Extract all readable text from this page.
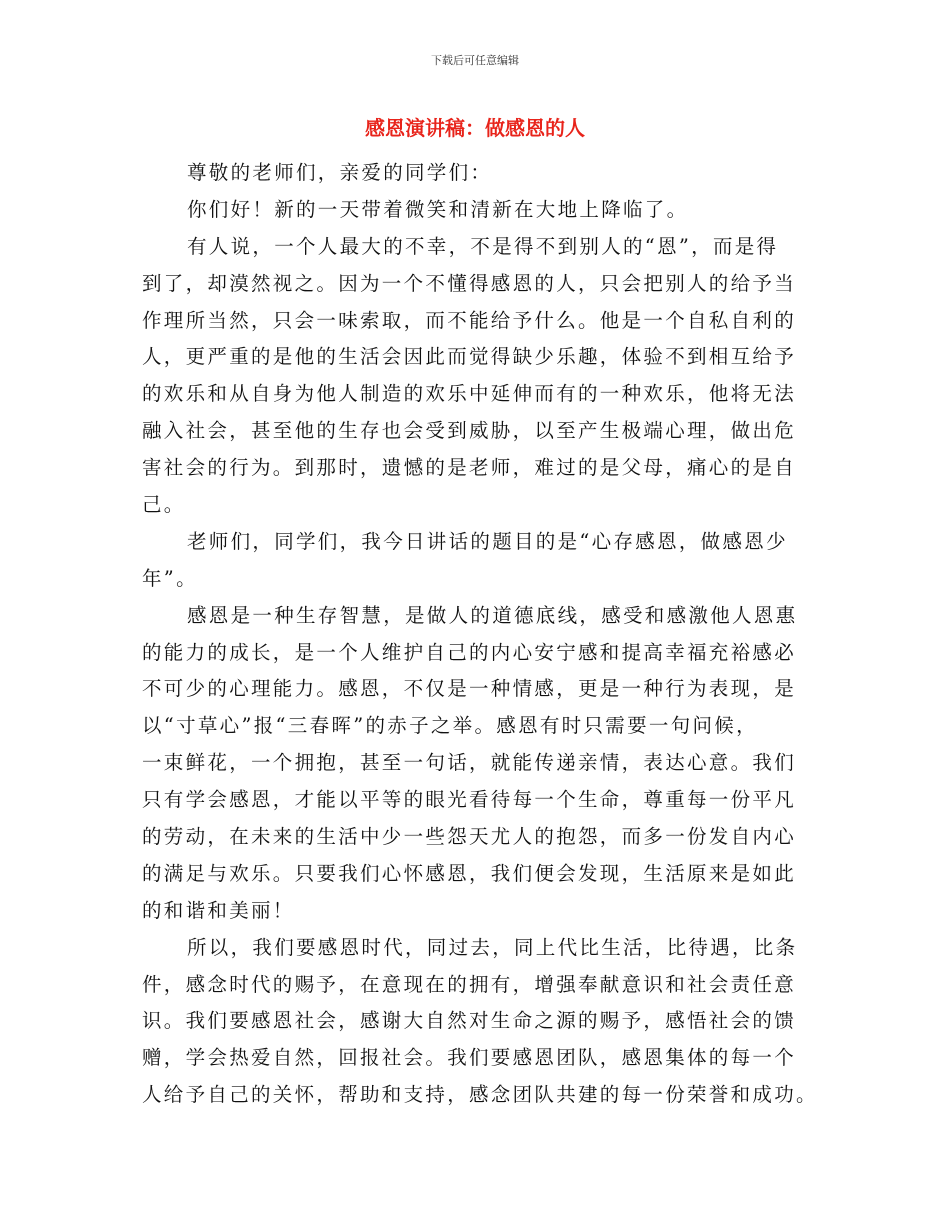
下载后可任意编辑
感恩演讲稿：做感恩的人
尊敬的老师们，亲爱的同学们：
你们好！新的一天带着微笑和清新在大地上降临了。
有人说，一个人最大的不幸，不是得不到别人的“恩”，而是得
到了，却漠然视之。因为一个不懂得感恩的人，只会把别人的给予当
作理所当然，只会一味索取，而不能给予什么。他是一个自私自利的
人，更严重的是他的生活会因此而觉得缺少乐趣，体验不到相互给予
的欢乐和从自身为他人制造的欢乐中延伸而有的一种欢乐，他将无法
融入社会，甚至他的生存也会受到威胁，以至产生极端心理，做出危
害社会的行为。到那时，遗憾的是老师，难过的是父母，痛心的是自
己。
老师们，同学们，我今日讲话的题目的是“心存感恩，做感恩少
年”。
感恩是一种生存智慧，是做人的道德底线，感受和感激他人恩惠
的能力的成长，是一个人维护自己的内心安宁感和提高幸福充裕感必
不可少的心理能力。感恩，不仅是一种情感，更是一种行为表现，是
以“寸草心”报“三春晖”的赤子之举。感恩有时只需要一句问候，
一束鲜花，一个拥抱，甚至一句话，就能传递亲情，表达心意。我们
只有学会感恩，才能以平等的眼光看待每一个生命，尊重每一份平凡
的劳动，在未来的生活中少一些怨天尤人的抱怨，而多一份发自内心
的满足与欢乐。只要我们心怀感恩，我们便会发现，生活原来是如此
的和谐和美丽！
所以，我们要感恩时代，同过去，同上代比生活，比待遇，比条
件，感念时代的赐予，在意现在的拥有，增强奉献意识和社会责任意
识。我们要感恩社会，感谢大自然对生命之源的赐予，感悟社会的馈
赠，学会热爱自然，回报社会。我们要感恩团队，感恩集体的每一个
人给予自己的关怀，帮助和支持，感念团队共建的每一份荣誉和成功。
